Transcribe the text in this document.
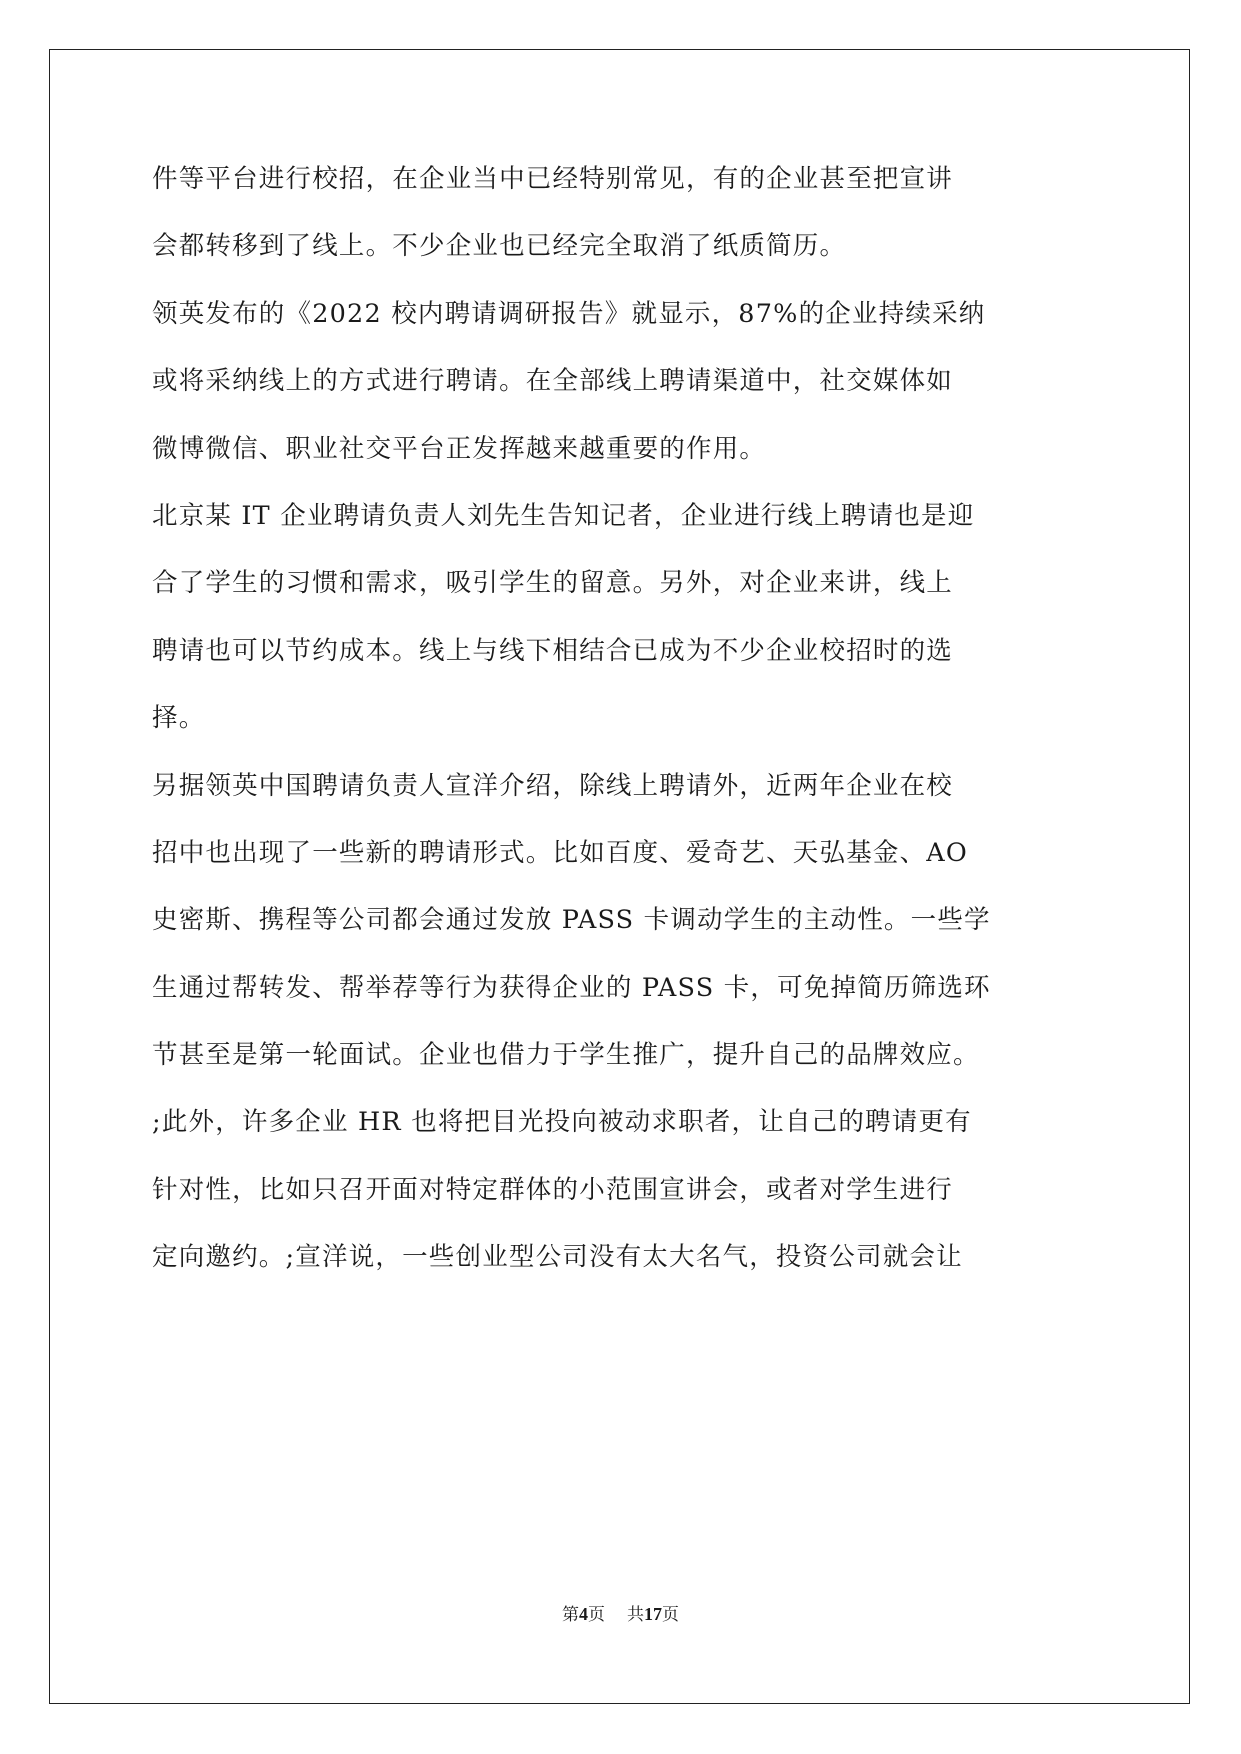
件等平台进行校招，在企业当中已经特别常见，有的企业甚至把宣讲
会都转移到了线上。不少企业也已经完全取消了纸质简历。
领英发布的《2022 校内聘请调研报告》就显示，87%的企业持续采纳
或将采纳线上的方式进行聘请。在全部线上聘请渠道中，社交媒体如
微博微信、职业社交平台正发挥越来越重要的作用。
北京某 IT 企业聘请负责人刘先生告知记者，企业进行线上聘请也是迎
合了学生的习惯和需求，吸引学生的留意。另外，对企业来讲，线上
聘请也可以节约成本。线上与线下相结合已成为不少企业校招时的选
择。
另据领英中国聘请负责人宣洋介绍，除线上聘请外，近两年企业在校
招中也出现了一些新的聘请形式。比如百度、爱奇艺、天弘基金、AO
史密斯、携程等公司都会通过发放 PASS 卡调动学生的主动性。一些学
生通过帮转发、帮举荐等行为获得企业的 PASS 卡，可免掉简历筛选环
节甚至是第一轮面试。企业也借力于学生推广，提升自己的品牌效应。
;此外，许多企业 HR 也将把目光投向被动求职者，让自己的聘请更有
针对性，比如只召开面对特定群体的小范围宣讲会，或者对学生进行
定向邀约。;宣洋说，一些创业型公司没有太大名气，投资公司就会让
第4页 共17页
